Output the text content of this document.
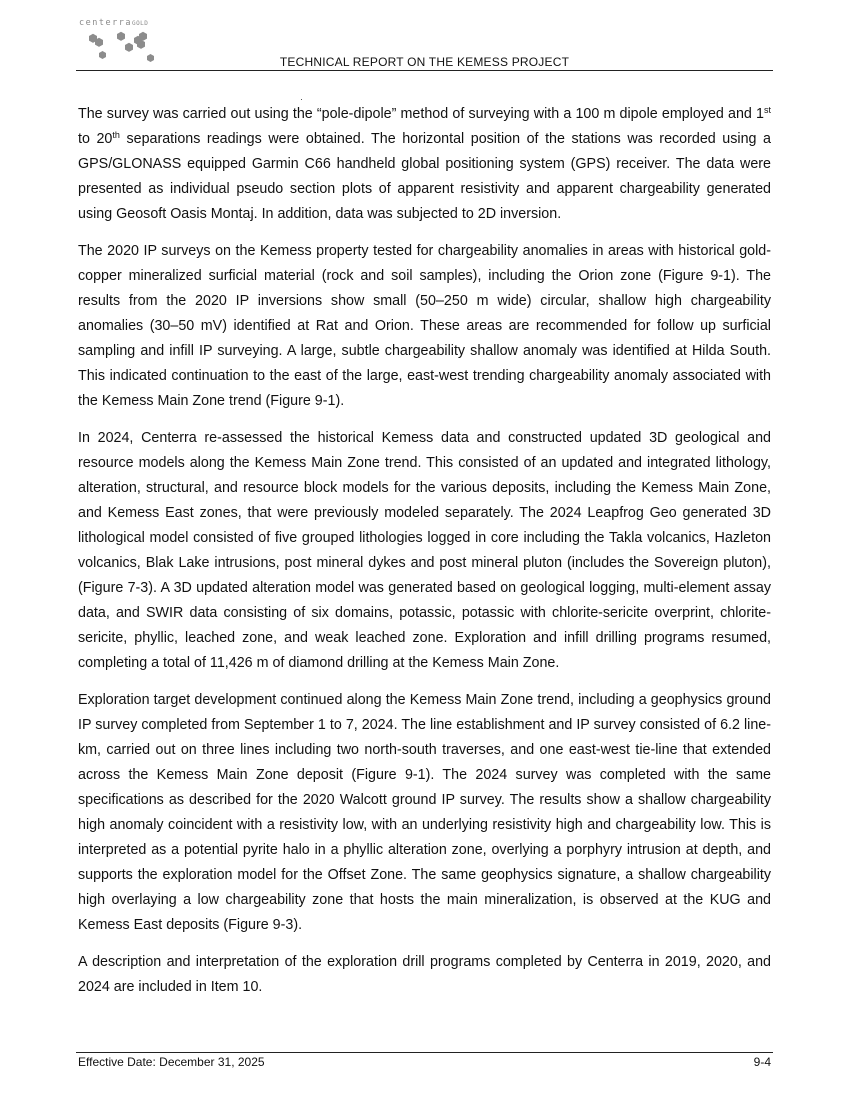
centerraGOLD
TECHNICAL REPORT ON THE KEMESS PROJECT

The survey was carried out using the “pole-dipole” method of surveying with a 100 m dipole employed and 1st to 20th separations readings were obtained. The horizontal position of the stations was recorded using a GPS/GLONASS equipped Garmin C66 handheld global positioning system (GPS) receiver. The data were presented as individual pseudo section plots of apparent resistivity and apparent chargeability generated using Geosoft Oasis Montaj. In addition, data was subjected to 2D inversion.

The 2020 IP surveys on the Kemess property tested for chargeability anomalies in areas with historical gold-copper mineralized surficial material (rock and soil samples), including the Orion zone (Figure 9-1). The results from the 2020 IP inversions show small (50–250 m wide) circular, shallow high chargeability anomalies (30–50 mV) identified at Rat and Orion. These areas are recommended for follow up surficial sampling and infill IP surveying. A large, subtle chargeability shallow anomaly was identified at Hilda South. This indicated continuation to the east of the large, east-west trending chargeability anomaly associated with the Kemess Main Zone trend (Figure 9-1).

In 2024, Centerra re-assessed the historical Kemess data and constructed updated 3D geological and resource models along the Kemess Main Zone trend. This consisted of an updated and integrated lithology, alteration, structural, and resource block models for the various deposits, including the Kemess Main Zone, and Kemess East zones, that were previously modeled separately. The 2024 Leapfrog Geo generated 3D lithological model consisted of five grouped lithologies logged in core including the Takla volcanics, Hazleton volcanics, Blak Lake intrusions, post mineral dykes and post mineral pluton (includes the Sovereign pluton), (Figure 7-3). A 3D updated alteration model was generated based on geological logging, multi-element assay data, and SWIR data consisting of six domains, potassic, potassic with chlorite-sericite overprint, chlorite-sericite, phyllic, leached zone, and weak leached zone. Exploration and infill drilling programs resumed, completing a total of 11,426 m of diamond drilling at the Kemess Main Zone.

Exploration target development continued along the Kemess Main Zone trend, including a geophysics ground IP survey completed from September 1 to 7, 2024. The line establishment and IP survey consisted of 6.2 line-km, carried out on three lines including two north-south traverses, and one east-west tie-line that extended across the Kemess Main Zone deposit (Figure 9-1). The 2024 survey was completed with the same specifications as described for the 2020 Walcott ground IP survey. The results show a shallow chargeability high anomaly coincident with a resistivity low, with an underlying resistivity high and chargeability low. This is interpreted as a potential pyrite halo in a phyllic alteration zone, overlying a porphyry intrusion at depth, and supports the exploration model for the Offset Zone. The same geophysics signature, a shallow chargeability high overlaying a low chargeability zone that hosts the main mineralization, is observed at the KUG and Kemess East deposits (Figure 9-3).

A description and interpretation of the exploration drill programs completed by Centerra in 2019, 2020, and 2024 are included in Item 10.

Effective Date: December 31, 2025	9-4
